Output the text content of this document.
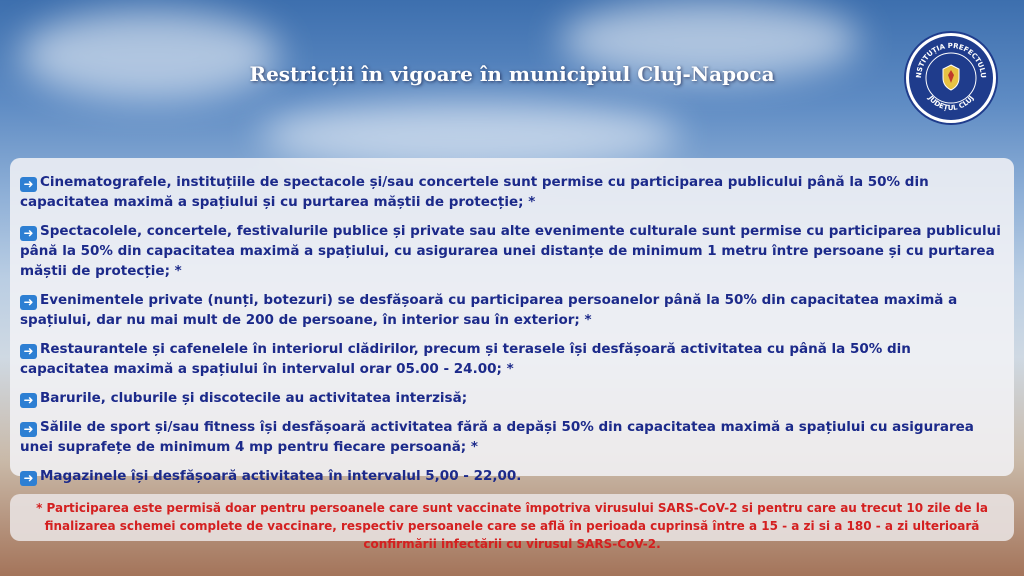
Restricții în vigoare în municipiul Cluj-Napoca	NSTITUȚIA PREFECTULU
JUDEȚUL CLUJ
➜ Cinematografele, instituțiile de spectacole și/sau concertele sunt permise cu participarea publicului până la 50% din capacitatea maximă a spațiului și cu purtarea măștii de protecție; *
➜ Spectacolele, concertele, festivalurile publice și private sau alte evenimente culturale sunt permise cu participarea publicului până la 50% din capacitatea maximă a spațiului, cu asigurarea unei distanțe de minimum 1 metru între persoane și cu purtarea măștii de protecție; *
➜ Evenimentele private (nunți, botezuri) se desfășoară cu participarea persoanelor până la 50% din capacitatea maximă a spațiului, dar nu mai mult de 200 de persoane, în interior sau în exterior; *
➜ Restaurantele și cafenelele în interiorul clădirilor, precum și terasele își desfășoară activitatea cu până la 50% din capacitatea maximă a spațiului în intervalul orar 05.00 - 24.00; *
➜ Barurile, cluburile și discotecile au activitatea interzisă;
➜ Sălile de sport și/sau fitness își desfășoară activitatea fără a depăși 50% din capacitatea maximă a spațiului cu asigurarea unei suprafețe de minimum 4 mp pentru fiecare persoană; *
➜ Magazinele își desfășoară activitatea în intervalul 5,00 - 22,00.
* Participarea este permisă doar pentru persoanele care sunt vaccinate împotriva virusului SARS-CoV-2 si pentru care au trecut 10 zile de la finalizarea schemei complete de vaccinare, respectiv persoanele care se află în perioada cuprinsă între a 15 - a zi si a 180 - a zi ulterioară confirmării infectării cu virusul SARS-CoV-2.
